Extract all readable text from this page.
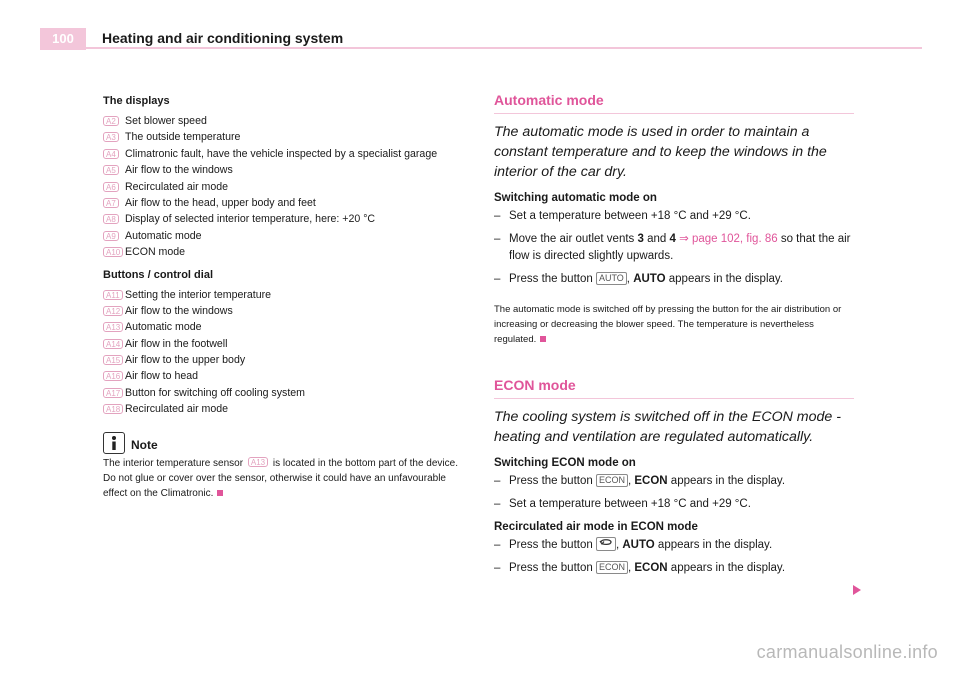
100	Heating and air conditioning system
The displays
A2 Set blower speed
A3 The outside temperature
A4 Climatronic fault, have the vehicle inspected by a specialist garage
A5 Air flow to the windows
A6 Recirculated air mode
A7 Air flow to the head, upper body and feet
A8 Display of selected interior temperature, here: +20 °C
A9 Automatic mode
A10 ECON mode
Buttons / control dial
A11 Setting the interior temperature
A12 Air flow to the windows
A13 Automatic mode
A14 Air flow in the footwell
A15 Air flow to the upper body
A16 Air flow to head
A17 Button for switching off cooling system
A18 Recirculated air mode
Note
The interior temperature sensor A13 is located in the bottom part of the device. Do not glue or cover over the sensor, otherwise it could have an unfavourable effect on the Climatronic.
Automatic mode

The automatic mode is used in order to maintain a constant temperature and to keep the windows in the interior of the car dry.

Switching automatic mode on
– Set a temperature between +18 °C and +29 °C.
– Move the air outlet vents 3 and 4 ⇒ page 102, fig. 86 so that the air flow is directed slightly upwards.
– Press the button AUTO , AUTO appears in the display.

The automatic mode is switched off by pressing the button for the air distribution or increasing or decreasing the blower speed. The temperature is nevertheless regulated.

ECON mode

The cooling system is switched off in the ECON mode - heating and ventilation are regulated automatically.

Switching ECON mode on
– Press the button ECON , ECON appears in the display.
– Set a temperature between +18 °C and +29 °C.
Recirculated air mode in ECON mode
– Press the button , AUTO appears in the display.
– Press the button ECON , ECON appears in the display.
carmanualsonline.info
